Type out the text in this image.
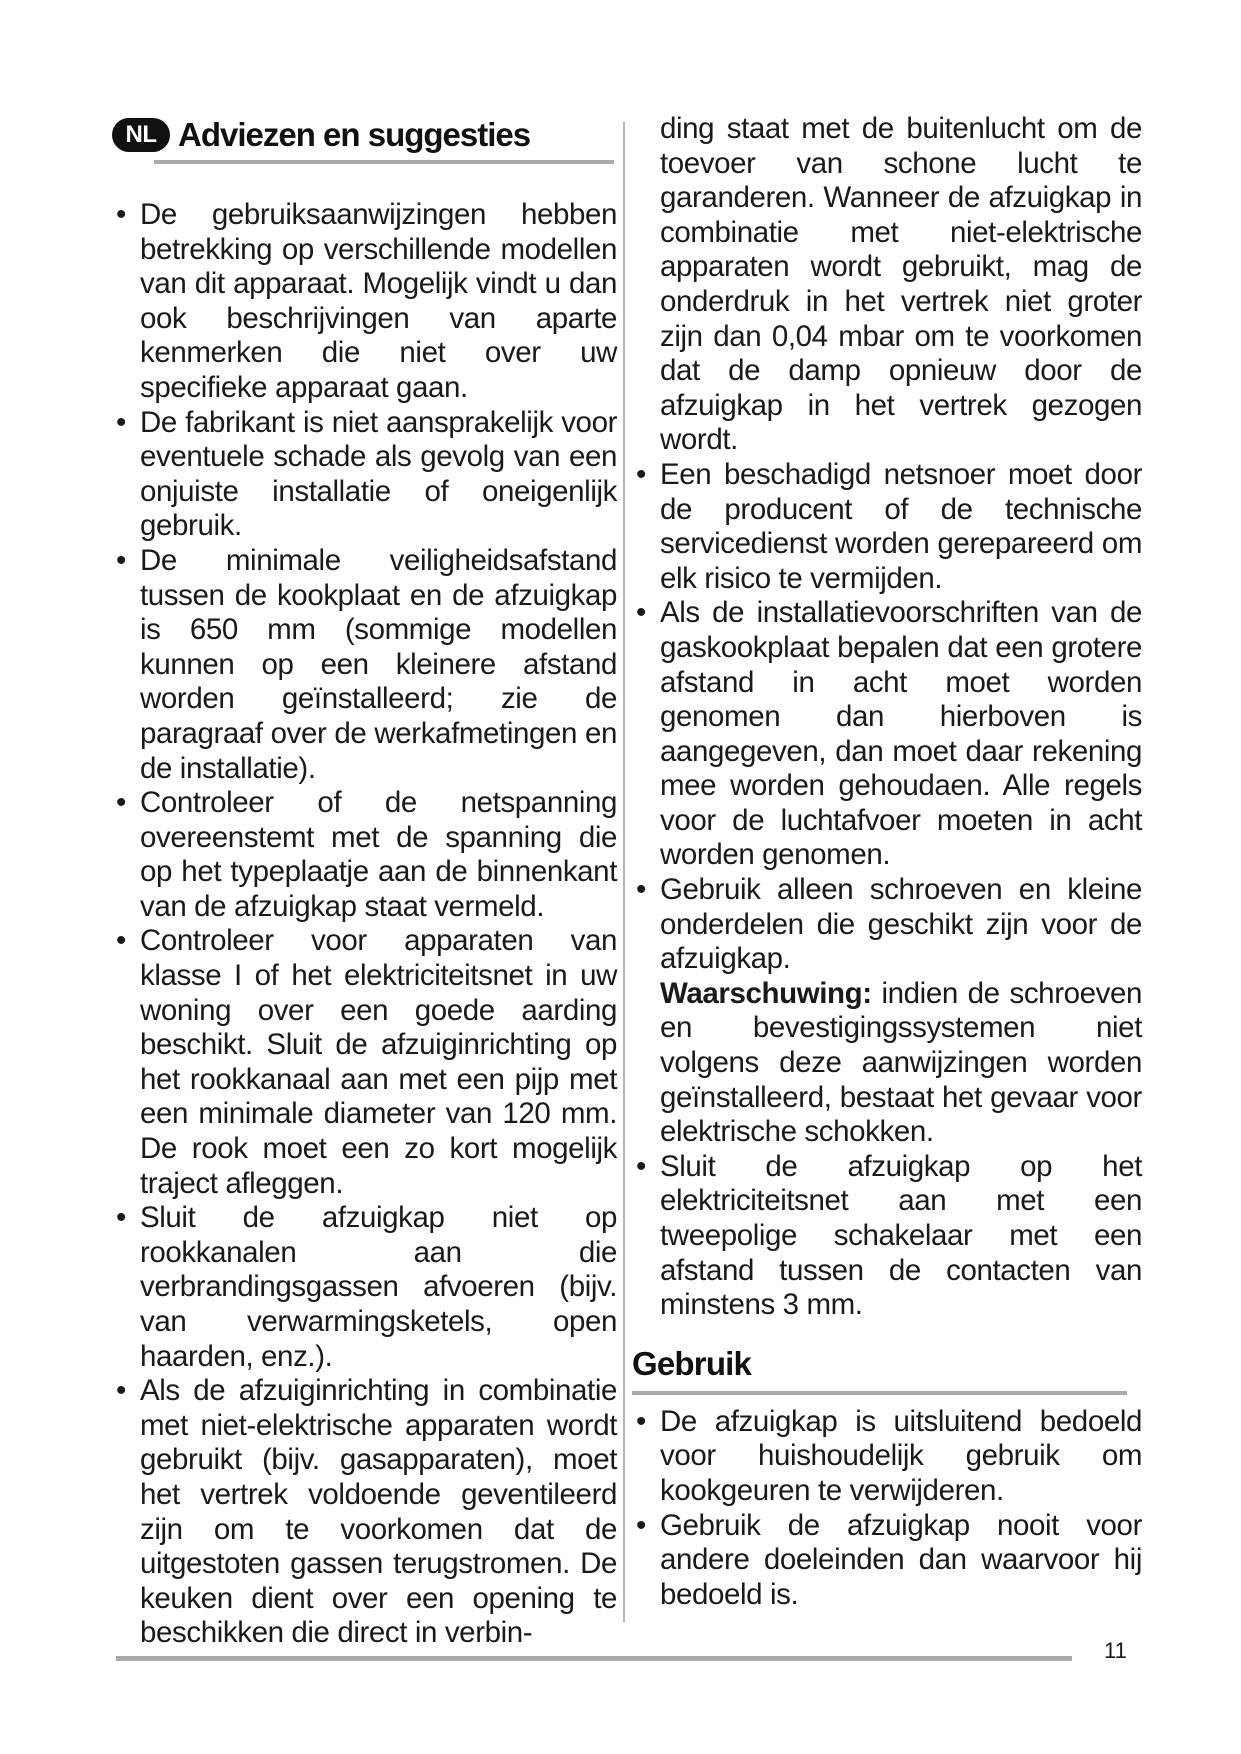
NL Adviezen en suggesties
• De gebruiksaanwijzingen hebben betrekking op verschillende modellen van dit apparaat. Mogelijk vindt u dan ook beschrijvingen van aparte kenmerken die niet over uw specifieke apparaat gaan.
• De fabrikant is niet aansprakelijk voor eventuele schade als gevolg van een onjuiste installatie of oneigenlijk gebruik.
• De minimale veiligheidsafstand tussen de kookplaat en de afzuigkap is 650 mm (sommige modellen kunnen op een kleinere afstand worden geïnstalleerd; zie de paragraaf over de werkafmetingen en de installatie).
• Controleer of de netspanning overeenstemt met de spanning die op het typeplaatje aan de binnenkant van de afzuigkap staat vermeld.
• Controleer voor apparaten van klasse I of het elektriciteitsnet in uw woning over een goede aarding beschikt. Sluit de afzuiginrichting op het rookkanaal aan met een pijp met een minimale diameter van 120 mm. De rook moet een zo kort mogelijk traject afleggen.
• Sluit de afzuigkap niet op rookkanalen aan die verbrandingsgassen afvoeren (bijv. van verwarmingsketels, open haarden, enz.).
• Als de afzuiginrichting in combinatie met niet-elektrische apparaten wordt gebruikt (bijv. gasapparaten), moet het vertrek voldoende geventileerd zijn om te voorkomen dat de uitgestoten gassen terugstromen. De keuken dient over een opening te beschikken die direct in verbin-
ding staat met de buitenlucht om de toevoer van schone lucht te garanderen. Wanneer de afzuigkap in combinatie met niet-elektrische apparaten wordt gebruikt, mag de onderdruk in het vertrek niet groter zijn dan 0,04 mbar om te voorkomen dat de damp opnieuw door de afzuigkap in het vertrek gezogen wordt.
• Een beschadigd netsnoer moet door de producent of de technische servicedienst worden gerepareerd om elk risico te vermijden.
• Als de installatievoorschriften van de gaskookplaat bepalen dat een grotere afstand in acht moet worden genomen dan hierboven is aangegeven, dan moet daar rekening mee worden gehoudaen. Alle regels voor de luchtafvoer moeten in acht worden genomen.
• Gebruik alleen schroeven en kleine onderdelen die geschikt zijn voor de afzuigkap.
Waarschuwing: indien de schroeven en bevestigingssystemen niet volgens deze aanwijzingen worden geïnstalleerd, bestaat het gevaar voor elektrische schokken.
• Sluit de afzuigkap op het elektriciteitsnet aan met een tweepolige schakelaar met een afstand tussen de contacten van minstens 3 mm.
Gebruik
• De afzuigkap is uitsluitend bedoeld voor huishoudelijk gebruik om kookgeuren te verwijderen.
• Gebruik de afzuigkap nooit voor andere doeleinden dan waarvoor hij bedoeld is.
11
